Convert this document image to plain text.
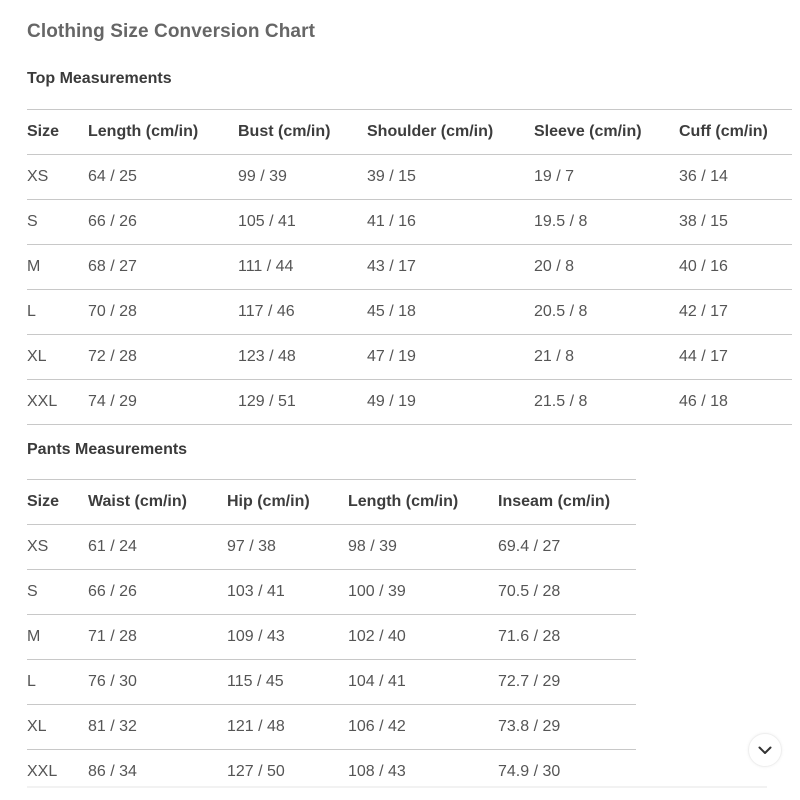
Clothing Size Conversion Chart
Top Measurements
Size	Length (cm/in)	Bust (cm/in)	Shoulder (cm/in)	Sleeve (cm/in)	Cuff (cm/in)
XS	64 / 25	99 / 39	39 / 15	19 / 7	36 / 14
S	66 / 26	105 / 41	41 / 16	19.5 / 8	38 / 15
M	68 / 27	111 / 44	43 / 17	20 / 8	40 / 16
L	70 / 28	117 / 46	45 / 18	20.5 / 8	42 / 17
XL	72 / 28	123 / 48	47 / 19	21 / 8	44 / 17
XXL	74 / 29	129 / 51	49 / 19	21.5 / 8	46 / 18
Pants Measurements
Size	Waist (cm/in)	Hip (cm/in)	Length (cm/in)	Inseam (cm/in)
XS	61 / 24	97 / 38	98 / 39	69.4 / 27
S	66 / 26	103 / 41	100 / 39	70.5 / 28
M	71 / 28	109 / 43	102 / 40	71.6 / 28
L	76 / 30	115 / 45	104 / 41	72.7 / 29
XL	81 / 32	121 / 48	106 / 42	73.8 / 29
XXL	86 / 34	127 / 50	108 / 43	74.9 / 30
